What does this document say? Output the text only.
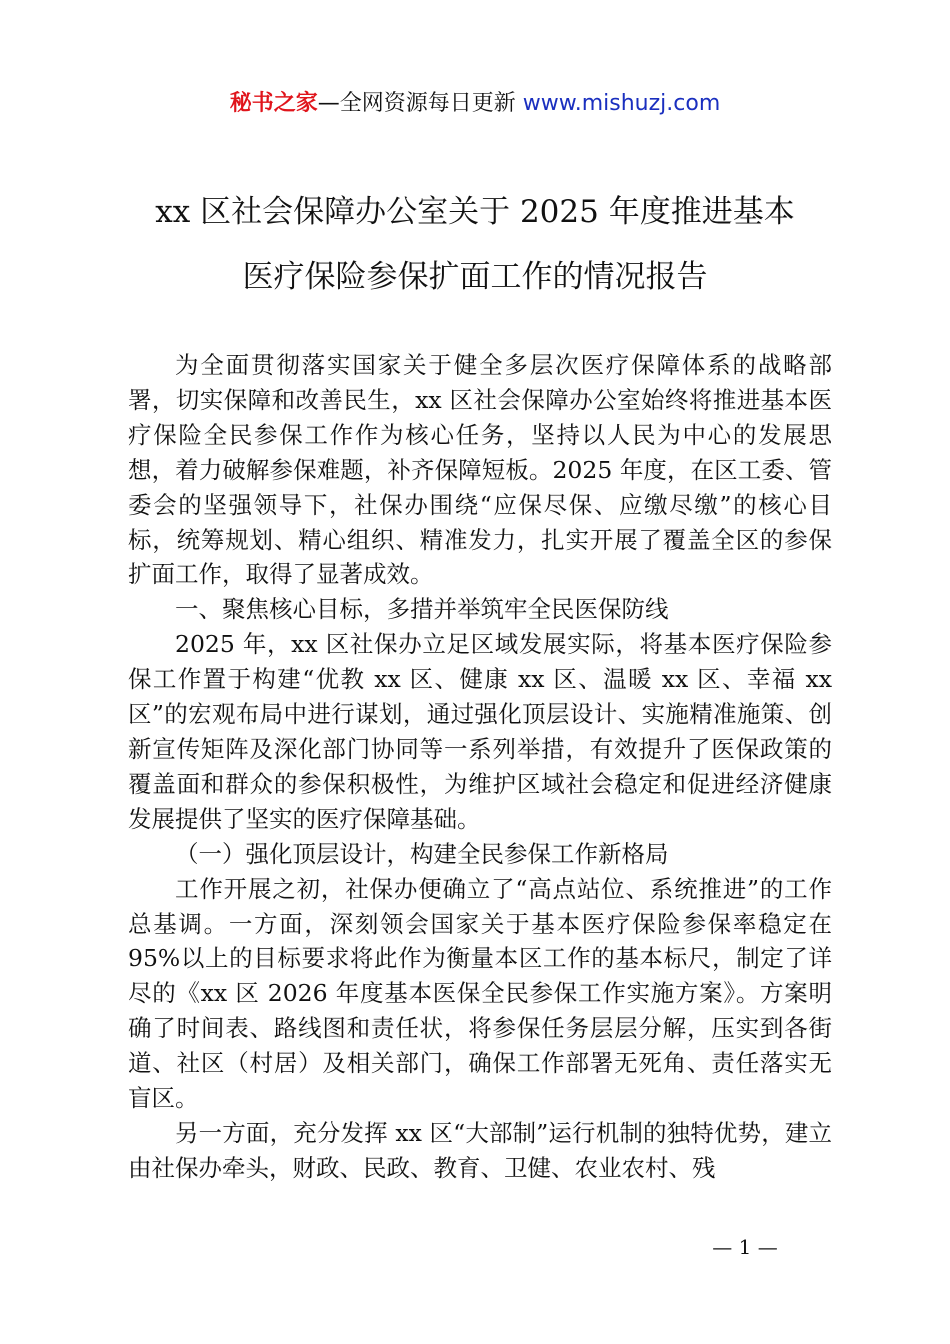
秘书之家—全网资源每日更新 www.mishuzj.com
xx 区社会保障办公室关于 2025 年度推进基本
医疗保险参保扩面工作的情况报告

为全面贯彻落实国家关于健全多层次医疗保障体系的战略部署，切实保障和改善民生，xx 区社会保障办公室始终将推进基本医疗保险全民参保工作作为核心任务，坚持以人民为中心的发展思想，着力破解参保难题，补齐保障短板。2025 年度，在区工委、管委会的坚强领导下，社保办围绕“应保尽保、应缴尽缴”的核心目标，统筹规划、精心组织、精准发力，扎实开展了覆盖全区的参保扩面工作，取得了显著成效。

一、聚焦核心目标，多措并举筑牢全民医保防线

2025 年，xx 区社保办立足区域发展实际，将基本医疗保险参保工作置于构建“优教 xx 区、健康 xx 区、温暖 xx 区、幸福 xx 区”的宏观布局中进行谋划，通过强化顶层设计、实施精准施策、创新宣传矩阵及深化部门协同等一系列举措，有效提升了医保政策的覆盖面和群众的参保积极性，为维护区域社会稳定和促进经济健康发展提供了坚实的医疗保障基础。

（一）强化顶层设计，构建全民参保工作新格局

工作开展之初，社保办便确立了“高点站位、系统推进”的工作总基调。一方面，深刻领会国家关于基本医疗保险参保率稳定在 95%以上的目标要求将此作为衡量本区工作的基本标尺，制定了详尽的《xx 区 2026 年度基本医保全民参保工作实施方案》。方案明确了时间表、路线图和责任状，将参保任务层层分解，压实到各街道、社区（村居）及相关部门，确保工作部署无死角、责任落实无盲区。

另一方面，充分发挥 xx 区“大部制”运行机制的独特优势，建立由社保办牵头，财政、民政、教育、卫健、农业农村、残

— 1 —
